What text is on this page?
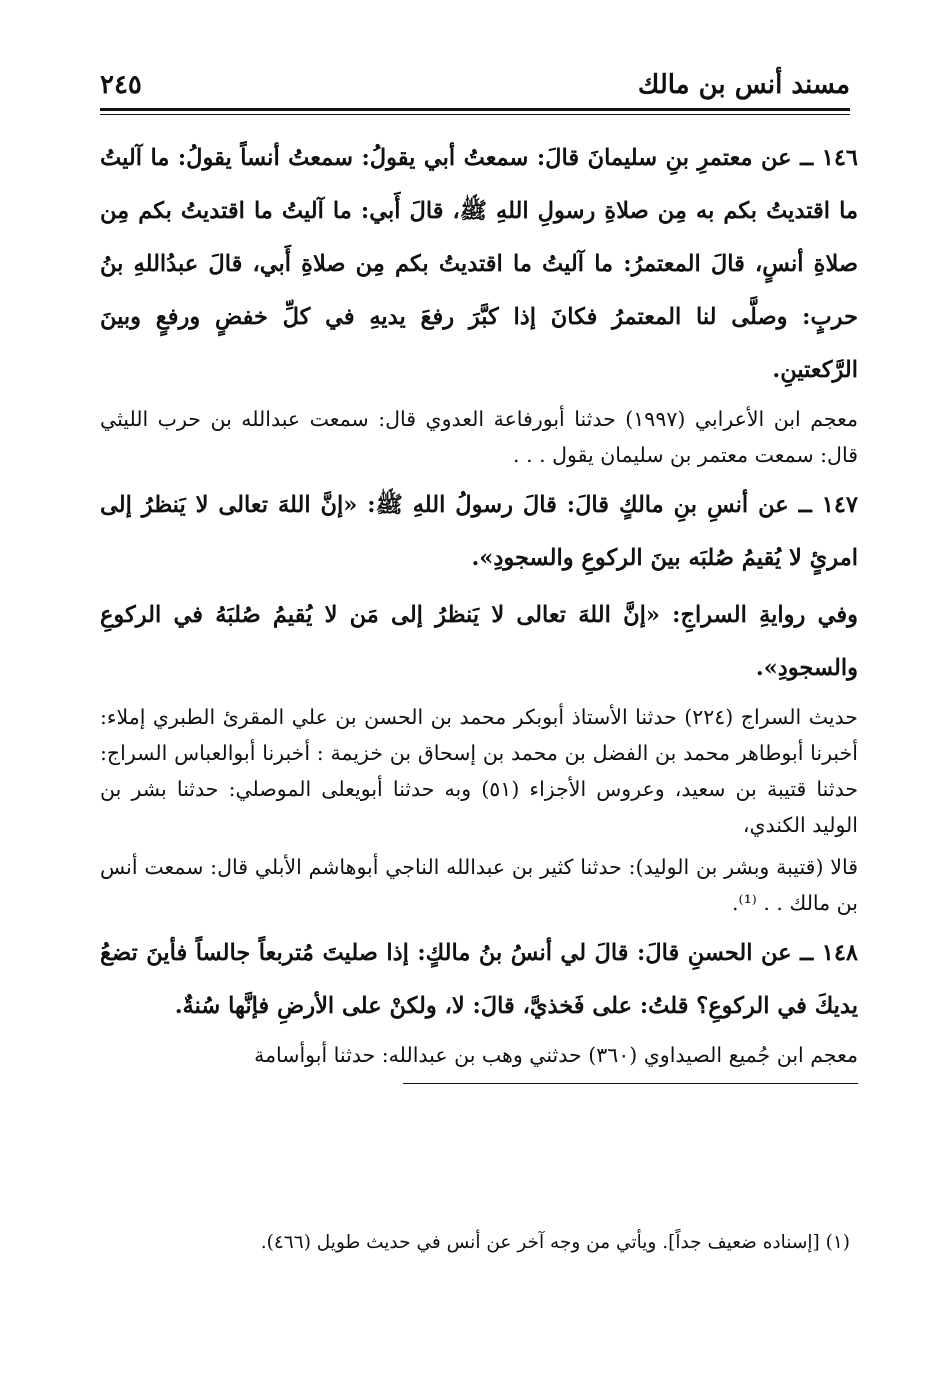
مسند أنس بن مالك
٢٤٥

١٤٦ ــ عن معتمرِ بنِ سليمانَ قالَ: سمعتُ أبي يقولُ: سمعتُ أنساً يقولُ: ما آليتُ ما اقتديتُ بكم به مِن صلاةِ رسولِ اللهِ ﷺ، قالَ أَبي: ما آليتُ ما اقتديتُ بكم مِن صلاةِ أنسٍ، قالَ المعتمرُ: ما آليتُ ما اقتديتُ بكم مِن صلاةِ أَبي، قالَ عبدُاللهِ بنُ حربٍ: وصلَّى لنا المعتمرُ فكانَ إذا كبَّرَ رفعَ يديهِ في كلِّ خفضٍ ورفعٍ وبينَ الرَّكعتينِ.

معجم ابن الأعرابي (١٩٩٧) حدثنا أبورفاعة العدوي قال: سمعت عبدالله بن حرب الليثي قال: سمعت معتمر بن سليمان يقول . . .

١٤٧ ــ عن أنسِ بنِ مالكٍ قالَ: قالَ رسولُ اللهِ ﷺ: «إنَّ اللهَ تعالى لا يَنظرُ إلى امرئٍ لا يُقيمُ صُلبَه بينَ الركوعِ والسجودِ».

وفي روايةِ السراجِ: «إنَّ اللهَ تعالى لا يَنظرُ إلى مَن لا يُقيمُ صُلبَهُ في الركوعِ والسجودِ».

حديث السراج (٢٢٤) حدثنا الأستاذ أبوبكر محمد بن الحسن بن علي المقرئ الطبري إملاء: أخبرنا أبوطاهر محمد بن الفضل بن محمد بن إسحاق بن خزيمة : أخبرنا أبوالعباس السراج: حدثنا قتيبة بن سعيد، وعروس الأجزاء (٥١) وبه حدثنا أبويعلى الموصلي: حدثنا بشر بن الوليد الكندي،

قالا (قتيبة وبشر بن الوليد): حدثنا كثير بن عبدالله الناجي أبوهاشم الأبلي قال: سمعت أنس بن مالك . . ⁽¹⁾.

١٤٨ ــ عن الحسنِ قالَ: قالَ لي أنسُ بنُ مالكٍ: إذا صليتَ مُتربعاً جالساً فأينَ تضعُ يديكَ في الركوعِ؟ قلتُ: على فَخذيَّ، قالَ: لا، ولكنْ على الأرضِ فإنَّها سُنةٌ.

معجم ابن جُميع الصيداوي (٣٦٠) حدثني وهب بن عبدالله: حدثنا أبوأسامة

(١) [إسناده ضعيف جداً]. ويأتي من وجه آخر عن أنس في حديث طويل (٤٦٦).
